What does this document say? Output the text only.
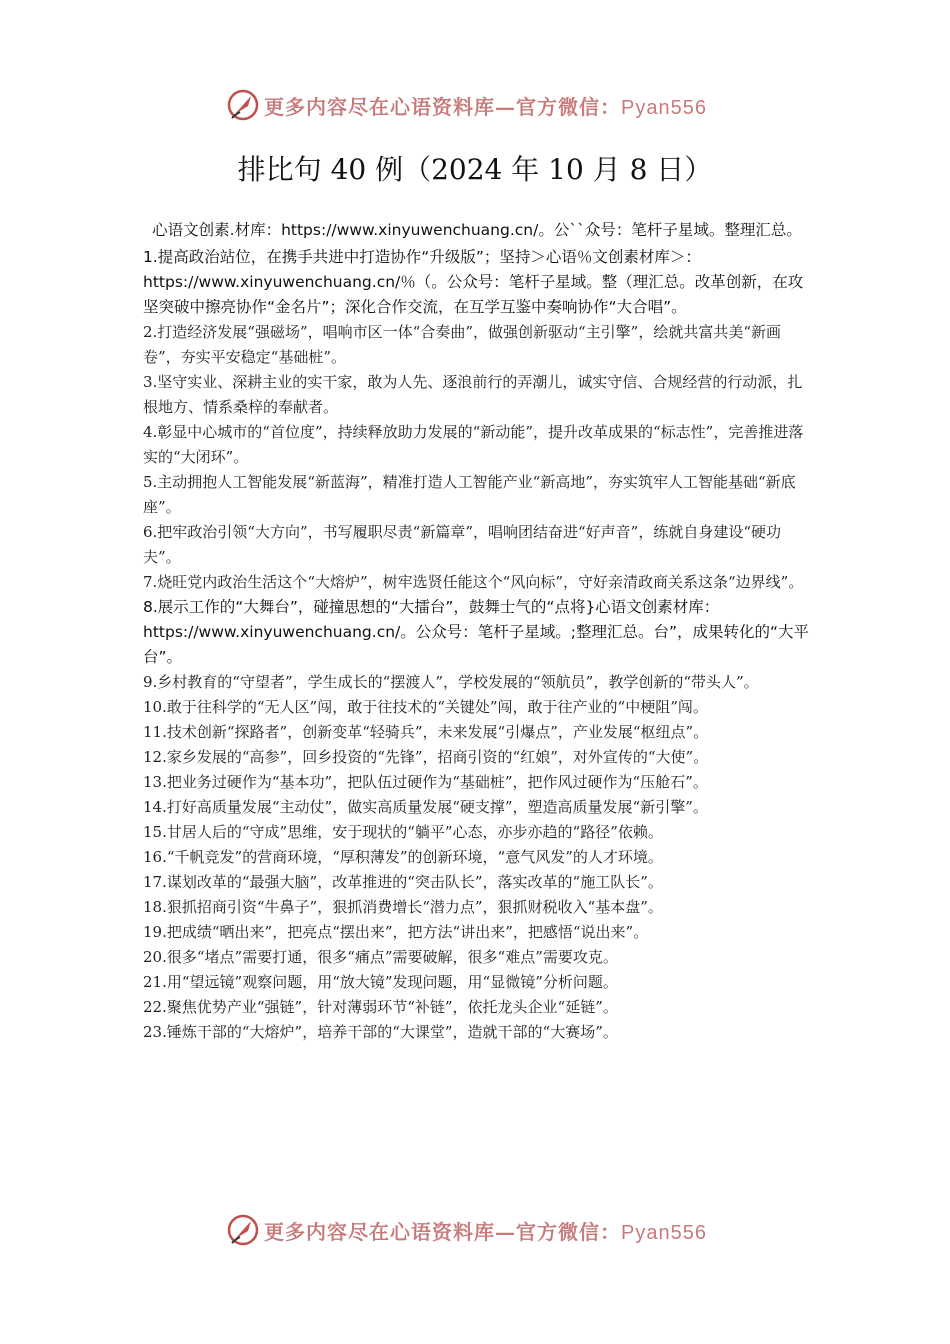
更多内容尽在心语资料库—官方微信：Pyan556
排比句 40 例（2024 年 10 月 8 日）

心语文创素.材库：https://www.xinyuwenchuang.cn/。公``众号：笔杆子星域。整理汇总。

1.提高政治站位，在携手共进中打造协作“升级版”；坚持＞心语％文创素材库＞：https://www.xinyuwenchuang.cn/％（。公众号：笔杆子星域。整（理汇总。改革创新，在攻坚突破中擦亮协作“金名片”；深化合作交流，在互学互鉴中奏响协作“大合唱”。

2.打造经济发展“强磁场”，唱响市区一体“合奏曲”，做强创新驱动“主引擎”，绘就共富共美“新画卷”，夯实平安稳定“基础桩”。

3.坚守实业、深耕主业的实干家，敢为人先、逐浪前行的弄潮儿，诚实守信、合规经营的行动派，扎根地方、情系桑梓的奉献者。

4.彰显中心城市的“首位度”，持续释放助力发展的“新动能”，提升改革成果的“标志性”，完善推进落实的“大闭环”。

5.主动拥抱人工智能发展“新蓝海”，精准打造人工智能产业“新高地”，夯实筑牢人工智能基础“新底座”。

6.把牢政治引领“大方向”，书写履职尽责“新篇章”，唱响团结奋进“好声音”，练就自身建设“硬功夫”。

7.烧旺党内政治生活这个“大熔炉”，树牢选贤任能这个“风向标”，守好亲清政商关系这条“边界线”。

8.展示工作的“大舞台”，碰撞思想的“大擂台”，鼓舞士气的“点将}心语文创素材库：https://www.xinyuwenchuang.cn/。公众号：笔杆子星域。;整理汇总。台”，成果转化的“大平台”。

9.乡村教育的“守望者”，学生成长的“摆渡人”，学校发展的“领航员”，教学创新的“带头人”。

10.敢于往科学的“无人区”闯，敢于往技术的“关键处”闯，敢于往产业的“中梗阻”闯。

11.技术创新“探路者”，创新变革“轻骑兵”，未来发展“引爆点”，产业发展“枢纽点”。

12.家乡发展的“高参”，回乡投资的“先锋”，招商引资的“红娘”，对外宣传的“大使”。

13.把业务过硬作为“基本功”，把队伍过硬作为“基础桩”，把作风过硬作为“压舱石”。

14.打好高质量发展“主动仗”，做实高质量发展“硬支撑”，塑造高质量发展“新引擎”。

15.甘居人后的“守成”思维，安于现状的“躺平”心态，亦步亦趋的“路径”依赖。

16.“千帆竞发”的营商环境，“厚积薄发”的创新环境，“意气风发”的人才环境。

17.谋划改革的“最强大脑”，改革推进的“突击队长”，落实改革的“施工队长”。

18.狠抓招商引资“牛鼻子”，狠抓消费增长“潜力点”，狠抓财税收入“基本盘”。

19.把成绩“晒出来”，把亮点“摆出来”，把方法“讲出来”，把感悟“说出来”。

20.很多“堵点”需要打通，很多“痛点”需要破解，很多“难点”需要攻克。

21.用“望远镜”观察问题，用“放大镜”发现问题，用“显微镜”分析问题。

22.聚焦优势产业“强链”，针对薄弱环节“补链”，依托龙头企业“延链”。

23.锤炼干部的“大熔炉”，培养干部的“大课堂”，造就干部的“大赛场”。

更多内容尽在心语资料库—官方微信：Pyan556
